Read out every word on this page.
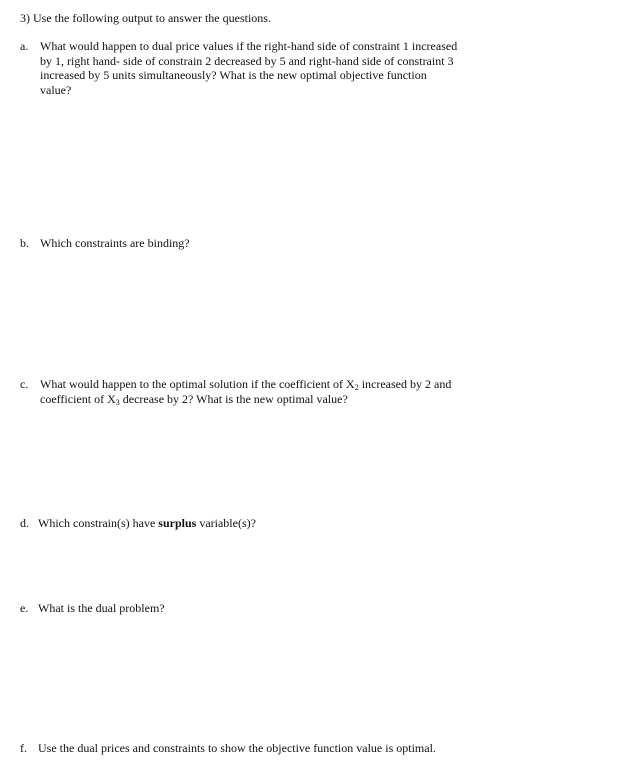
3) Use the following output to answer the questions.
a. What would happen to dual price values if the right-hand side of constraint 1 increased by 1, right hand- side of constrain 2 decreased by 5 and right-hand side of constraint 3 increased by 5 units simultaneously? What is the new optimal objective function value?
b. Which constraints are binding?
c. What would happen to the optimal solution if the coefficient of $X_2$ increased by 2 and coefficient of $X_3$ decrease by 2? What is the new optimal value?
d. Which constrain(s) have surplus variable(s)?
e. What is the dual problem?
f. Use the dual prices and constraints to show the objective function value is optimal.
